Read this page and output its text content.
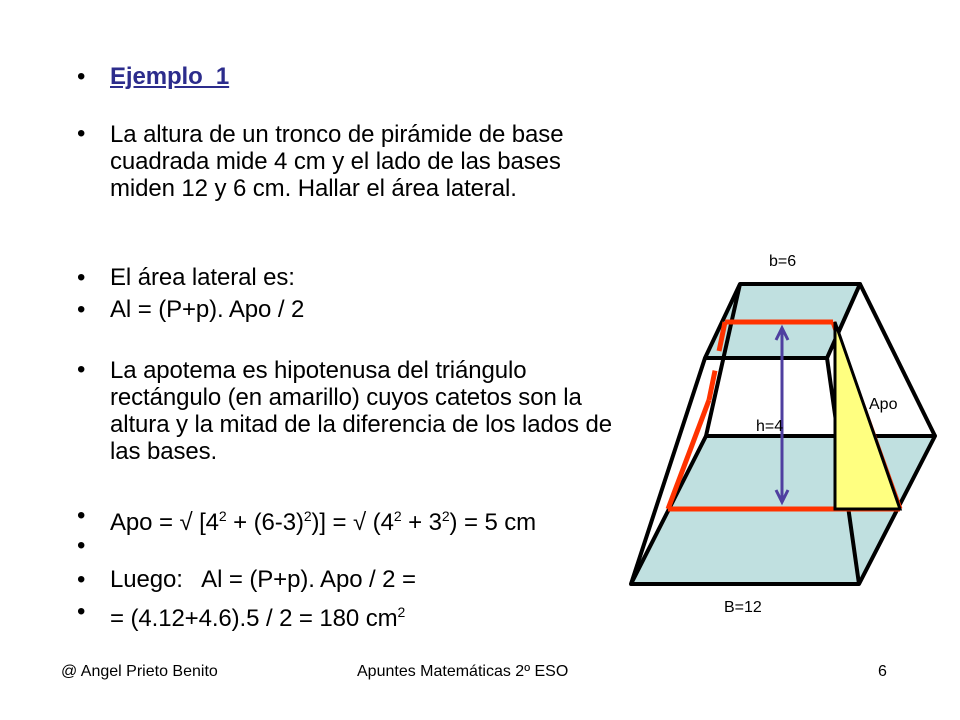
• Ejemplo_1
• La altura de un tronco de pirámide de base cuadrada mide 4 cm y el lado de las bases miden 12 y 6 cm. Hallar el área lateral.
• El área lateral es:
• Al = (P+p). Apo / 2
• La apotema es hipotenusa del triángulo rectángulo (en amarillo) cuyos catetos son la altura y la mitad de la diferencia de los lados de las bases.
• Apo = √ $[4^2 + (6-3)^2)$] = √ $(4^2 + 3^2) = 5$ cm
•
• Luego:   Al = (P+p). Apo / 2 =
• = (4.12+4.6).5 / 2 = 180 $cm^2$
b=6
h=4
Apo
B=12
@ Angel Prieto Benito	Apuntes Matemáticas 2º ESO	6
